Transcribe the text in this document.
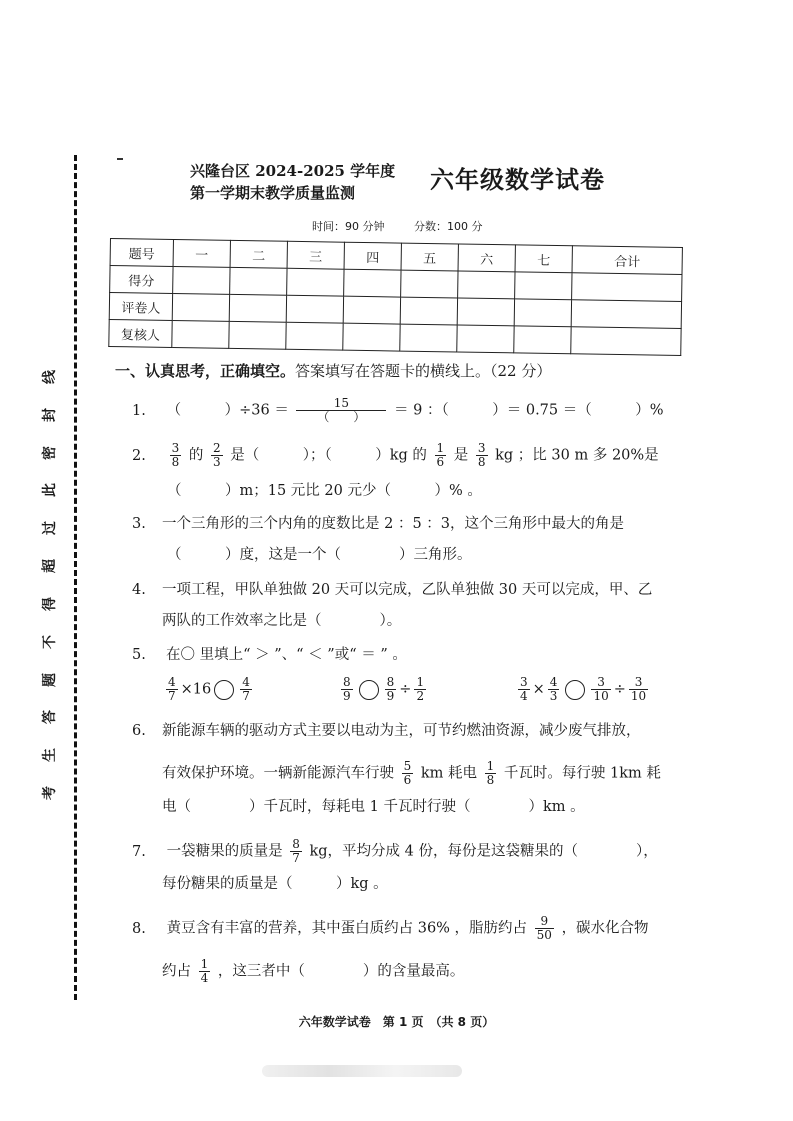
考
生
答
题
不
得
超
过
此
密
封
线
兴隆台区 2024-2025 学年度
第一学期末教学质量监测	六年级数学试卷
时间：90 分钟	分数：100 分
题号	一	二	三	四	五	六	七	合计
得分								
评卷人								
复核人								
一、认真思考，正确填空。答案填写在答题卡的横线上。（22 分）
1. （　　　）$\div 36 = \frac{15}{( )} = 9$ ：（　　　）＝ 0.75 ＝（　　　）%
2. $\frac{3}{8}$ 的 $\frac{2}{3}$ 是（　　　）；（　　　）kg 的 $\frac{1}{6}$ 是 $\frac{3}{8}$ kg ；比 30 m 多 20%是
（　　　）m；15 元比 20 元少（　　　）% 。
3. 一个三角形的三个内角的度数比是 2 ：5 ：3，这个三角形中最大的角是
（　　　）度，这是一个（　　　　）三角形。
4. 一项工程，甲队单独做 20 天可以完成，乙队单独做 30 天可以完成，甲、乙
两队的工作效率之比是（　　　　）。
5. 在〇 里填上“ ＞ ”、“ ＜ ”或“ ＝ ” 。
$\frac{4}{7} \times 16 \frac{4}{7}$	$\frac{8}{9}$	$\frac{8}{9} \div \frac{1}{2}$	$\frac{3}{4} \times \frac{4}{3}$	$\frac{3}{10} \div \frac{3}{10}$
6. 新能源车辆的驱动方式主要以电动为主，可节约燃油资源，减少废气排放，
有效保护环境。一辆新能源汽车行驶 $\frac{5}{6}$ km 耗电 $\frac{1}{8}$ 千瓦时。每行驶 1km 耗
电（　　　　）千瓦时，每耗电 1 千瓦时行驶（　　　　）km 。
7. 一袋糖果的质量是 $\frac{8}{7}$ kg，平均分成 4 份，每份是这袋糖果的（　　　　），
每份糖果的质量是（　　　）kg 。
8. 黄豆含有丰富的营养，其中蛋白质约占 36% ，脂肪约占 $\frac{9}{50}$ ，碳水化合物
约占 $\frac{1}{4}$ ，这三者中（　　　　）的含量最高。
六年数学试卷　第 1 页　（共 8 页）
